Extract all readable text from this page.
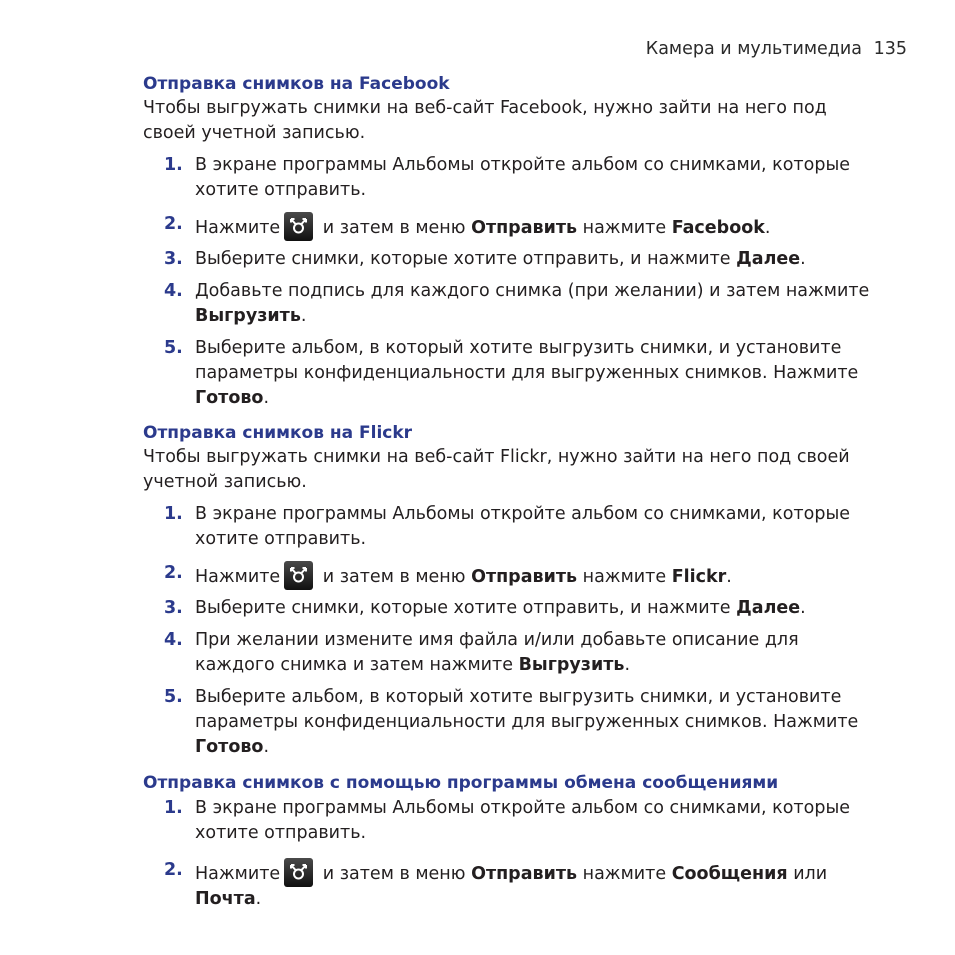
Камера и мультимедиа 135
Отправка снимков на Facebook
Чтобы выгружать снимки на веб-сайт Facebook, нужно зайти на него под своей учетной записью.
1. В экране программы Альбомы откройте альбом со снимками, которые хотите отправить.
2. Нажмите и затем в меню Отправить нажмите Facebook.
3. Выберите снимки, которые хотите отправить, и нажмите Далее.
4. Добавьте подпись для каждого снимка (при желании) и затем нажмите Выгрузить.
5. Выберите альбом, в который хотите выгрузить снимки, и установите параметры конфиденциальности для выгруженных снимков. Нажмите Готово.
Отправка снимков на Flickr
Чтобы выгружать снимки на веб-сайт Flickr, нужно зайти на него под своей учетной записью.
1. В экране программы Альбомы откройте альбом со снимками, которые хотите отправить.
2. Нажмите и затем в меню Отправить нажмите Flickr.
3. Выберите снимки, которые хотите отправить, и нажмите Далее.
4. При желании измените имя файла и/или добавьте описание для каждого снимка и затем нажмите Выгрузить.
5. Выберите альбом, в который хотите выгрузить снимки, и установите параметры конфиденциальности для выгруженных снимков. Нажмите Готово.
Отправка снимков с помощью программы обмена сообщениями
1. В экране программы Альбомы откройте альбом со снимками, которые хотите отправить.
2. Нажмите и затем в меню Отправить нажмите Сообщения или Почта.
